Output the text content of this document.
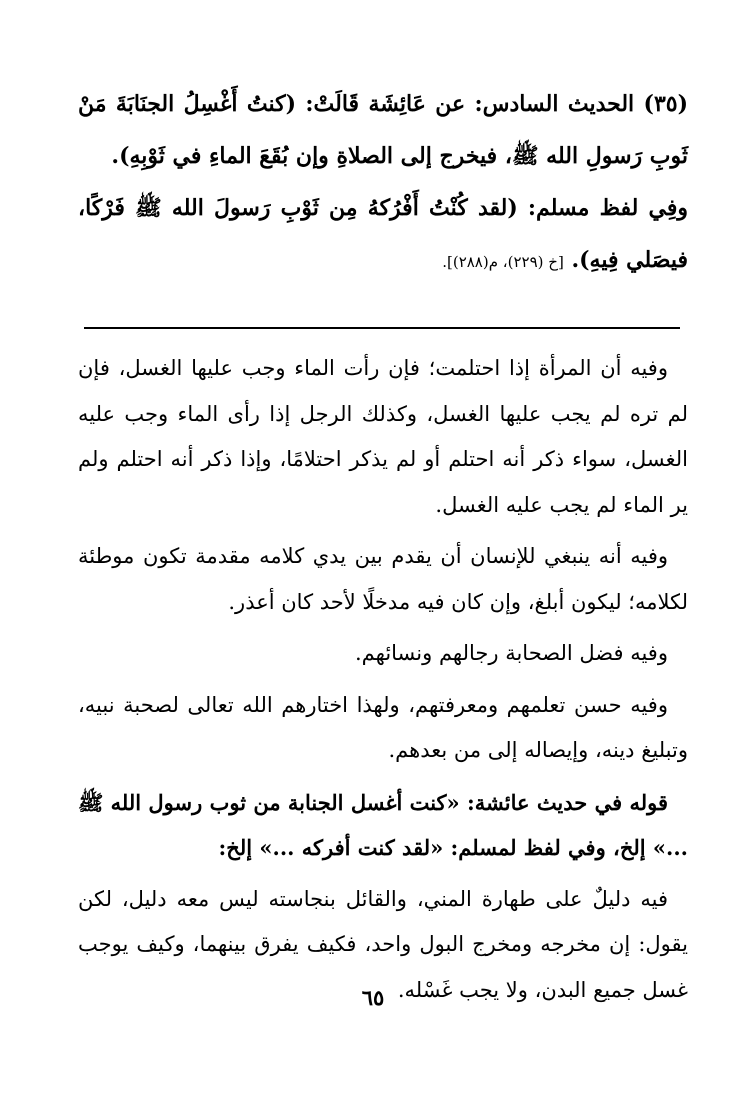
(٣٥) الحديث السادس: عن عَائِشَة قَالَتْ: (كنتُ أَغْسِلُ الجنَابَةَ مَنْ ثَوبِ رَسولِ الله ﷺ، فيخرج إلى الصلاةِ وإن بُقَعَ الماءِ في ثَوْبِهِ).

وفِي لفظ مسلم: (لقد كُنْتُ أَفْرُكهُ مِن ثَوْبِ رَسولَ الله ﷺ فَرْكًا، فيصَلي فِيهِ). [خ (٢٢٩)، م(٢٨٨)].

وفيه أن المرأة إذا احتلمت؛ فإن رأت الماء وجب عليها الغسل، فإن لم تره لم يجب عليها الغسل، وكذلك الرجل إذا رأى الماء وجب عليه الغسل، سواء ذكر أنه احتلم أو لم يذكر احتلامًا، وإذا ذكر أنه احتلم ولم ير الماء لم يجب عليه الغسل.

وفيه أنه ينبغي للإنسان أن يقدم بين يدي كلامه مقدمة تكون موطئة لكلامه؛ ليكون أبلغ، وإن كان فيه مدخلًا لأحد كان أعذر.

وفيه فضل الصحابة رجالهم ونسائهم.

وفيه حسن تعلمهم ومعرفتهم، ولهذا اختارهم الله تعالى لصحبة نبيه، وتبليغ دينه، وإيصاله إلى من بعدهم.

قوله في حديث عائشة: «كنت أغسل الجنابة من ثوب رسول الله ﷺ ...» إلخ، وفي لفظ لمسلم: «لقد كنت أفركه ...» إلخ:

فيه دليلٌ على طهارة المني، والقائل بنجاسته ليس معه دليل، لكن يقول: إن مخرجه ومخرج البول واحد، فكيف يفرق بينهما، وكيف يوجب غسل جميع البدن، ولا يجب غَسْله.

٦٥
